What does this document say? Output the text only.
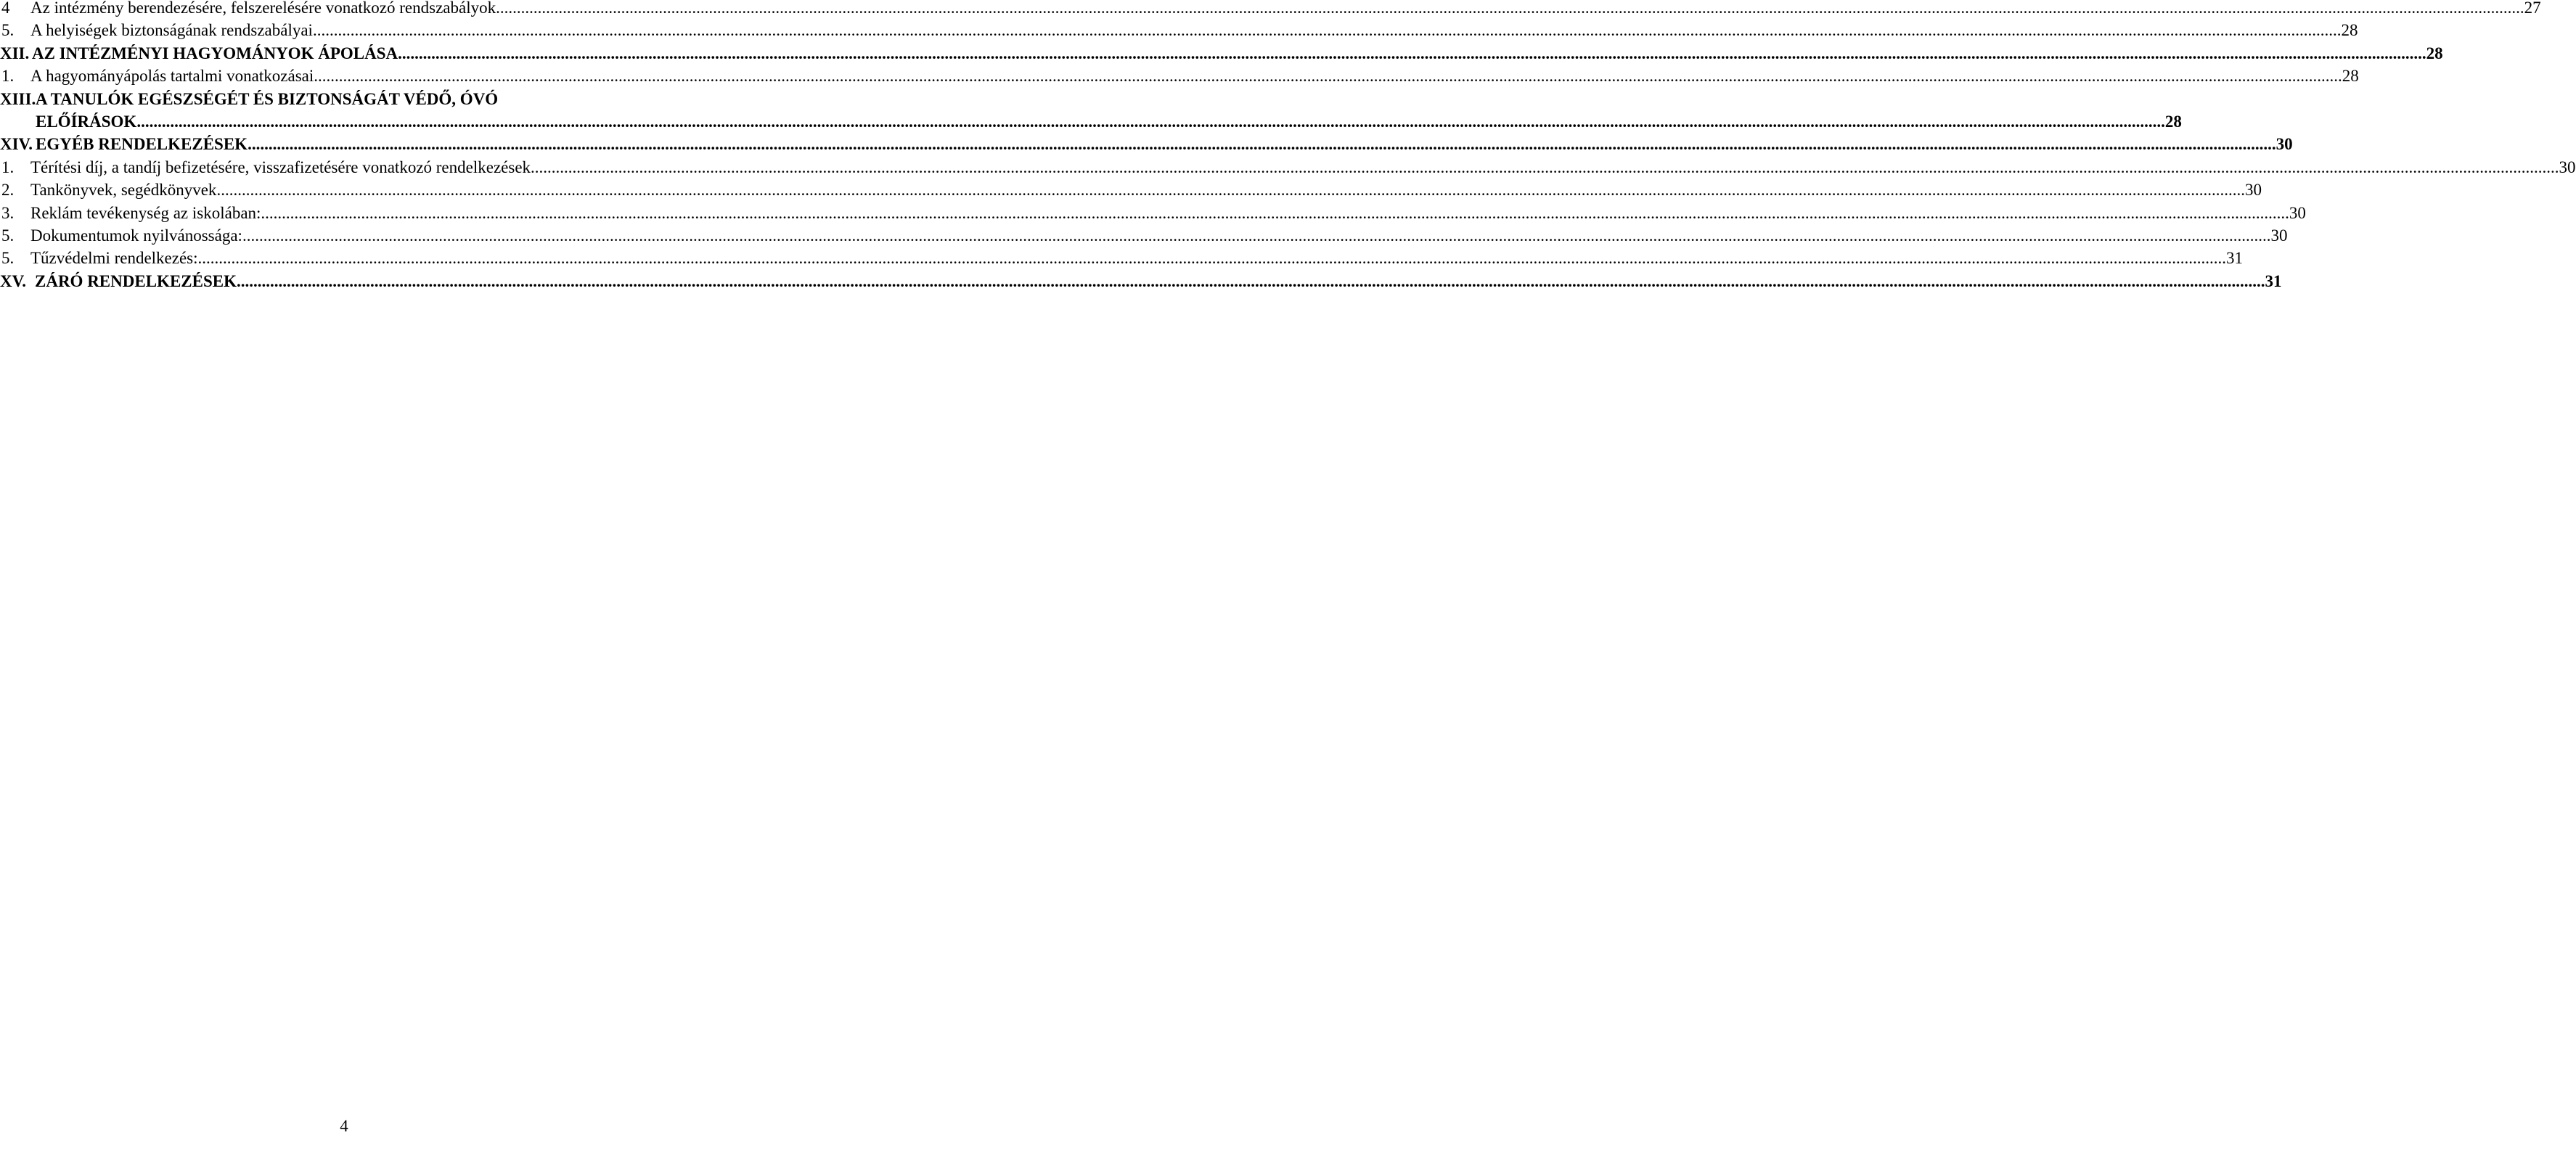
4	Az intézmény berendezésére, felszerelésére vonatkozó rendszabályok .....	27
5. A helyiségek biztonságának rendszabályai .....	28
XII. AZ INTÉZMÉNYI HAGYOMÁNYOK ÁPOLÁSA .....	28
1. A hagyományápolás tartalmi vonatkozásai .....	28
XIII. A TANULÓK EGÉSZSÉGÉT ÉS BIZTONSÁGÁT VÉDŐ, ÓVÓ
ELŐÍRÁSOK .....	28
XIV. EGYÉB RENDELKEZÉSEK .....	30
1. Térítési díj, a tandíj befizetésére, visszafizetésére vonatkozó rendelkezések .....	30
2. Tankönyvek, segédkönyvek .....	30
3. Reklám tevékenység az iskolában: .....	30
5. Dokumentumok nyilvánossága: .....	30
5. Tűzvédelmi rendelkezés: .....	31
XV. ZÁRÓ RENDELKEZÉSEK .....	31
4
